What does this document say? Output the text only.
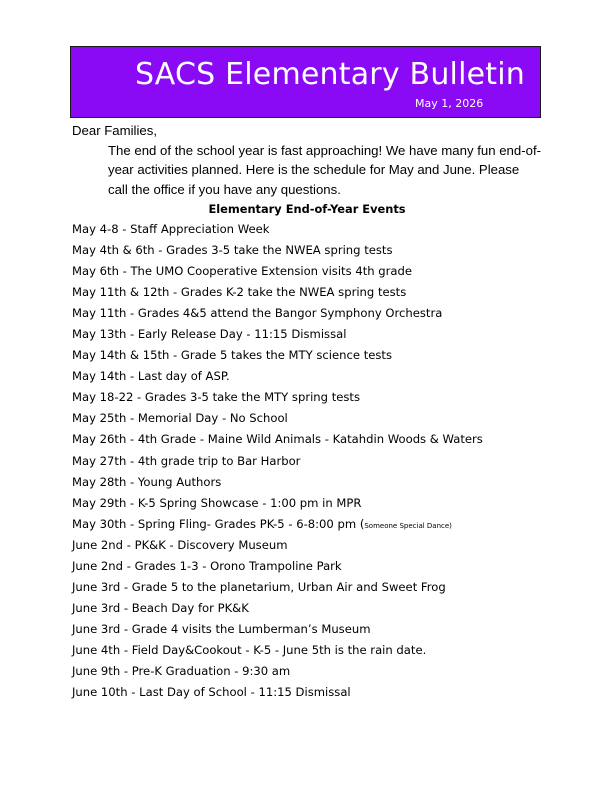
SACS Elementary Bulletin
May 1, 2026

Dear Families,

The end of the school year is fast approaching! We have many fun end-of-year activities planned. Here is the schedule for May and June. Please call the office if you have any questions.

Elementary End-of-Year Events
May 4-8 - Staff Appreciation Week
May 4th & 6th - Grades 3-5 take the NWEA spring tests
May 6th - The UMO Cooperative Extension visits 4th grade
May 11th & 12th - Grades K-2 take the NWEA spring tests
May 11th - Grades 4&5 attend the Bangor Symphony Orchestra
May 13th - Early Release Day - 11:15 Dismissal
May 14th & 15th - Grade 5 takes the MTY science tests
May 14th - Last day of ASP.
May 18-22 - Grades 3-5 take the MTY spring tests
May 25th - Memorial Day - No School
May 26th - 4th Grade - Maine Wild Animals - Katahdin Woods & Waters
May 27th - 4th grade trip to Bar Harbor
May 28th - Young Authors
May 29th - K-5 Spring Showcase - 1:00 pm in MPR
May 30th - Spring Fling- Grades PK-5 - 6-8:00 pm (Someone Special Dance)
June 2nd - PK&K - Discovery Museum
June 2nd - Grades 1-3 - Orono Trampoline Park
June 3rd - Grade 5 to the planetarium, Urban Air and Sweet Frog
June 3rd - Beach Day for PK&K
June 3rd - Grade 4 visits the Lumberman’s Museum
June 4th - Field Day&Cookout - K-5 - June 5th is the rain date.
June 9th - Pre-K Graduation - 9:30 am
June 10th - Last Day of School - 11:15 Dismissal
